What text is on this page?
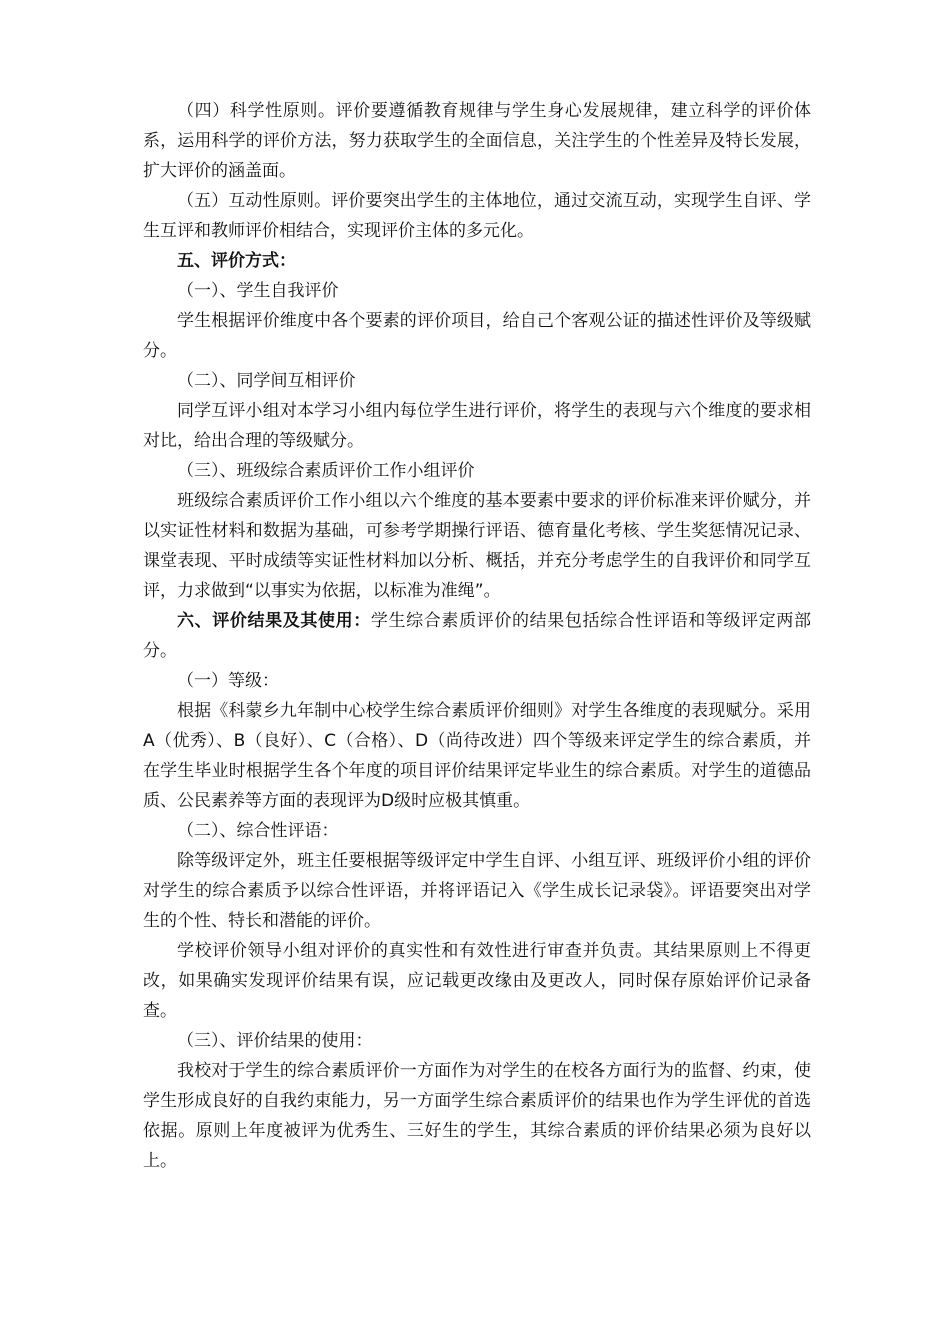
（四）科学性原则。评价要遵循教育规律与学生身心发展规律，建立科学的评价体系，运用科学的评价方法，努力获取学生的全面信息，关注学生的个性差异及特长发展，扩大评价的涵盖面。

（五）互动性原则。评价要突出学生的主体地位，通过交流互动，实现学生自评、学生互评和教师评价相结合，实现评价主体的多元化。

五、评价方式：

（一）、学生自我评价

学生根据评价维度中各个要素的评价项目，给自己个客观公证的描述性评价及等级赋分。

（二）、同学间互相评价

同学互评小组对本学习小组内每位学生进行评价，将学生的表现与六个维度的要求相对比，给出合理的等级赋分。

（三）、班级综合素质评价工作小组评价

班级综合素质评价工作小组以六个维度的基本要素中要求的评价标准来评价赋分，并以实证性材料和数据为基础，可参考学期操行评语、德育量化考核、学生奖惩情况记录、课堂表现、平时成绩等实证性材料加以分析、概括，并充分考虑学生的自我评价和同学互评，力求做到“以事实为依据，以标准为准绳”。

六、评价结果及其使用：学生综合素质评价的结果包括综合性评语和等级评定两部分。

（一）等级：

根据《科蒙乡九年制中心校学生综合素质评价细则》对学生各维度的表现赋分。采用A（优秀）、B（良好）、C（合格）、D（尚待改进）四个等级来评定学生的综合素质，并在学生毕业时根据学生各个年度的项目评价结果评定毕业生的综合素质。对学生的道德品质、公民素养等方面的表现评为D级时应极其慎重。

（二）、综合性评语：

除等级评定外，班主任要根据等级评定中学生自评、小组互评、班级评价小组的评价对学生的综合素质予以综合性评语，并将评语记入《学生成长记录袋》。评语要突出对学生的个性、特长和潜能的评价。

学校评价领导小组对评价的真实性和有效性进行审查并负责。其结果原则上不得更改，如果确实发现评价结果有误，应记载更改缘由及更改人，同时保存原始评价记录备查。

（三）、评价结果的使用：

我校对于学生的综合素质评价一方面作为对学生的在校各方面行为的监督、约束，使学生形成良好的自我约束能力，另一方面学生综合素质评价的结果也作为学生评优的首选依据。原则上年度被评为优秀生、三好生的学生，其综合素质的评价结果必须为良好以上。
